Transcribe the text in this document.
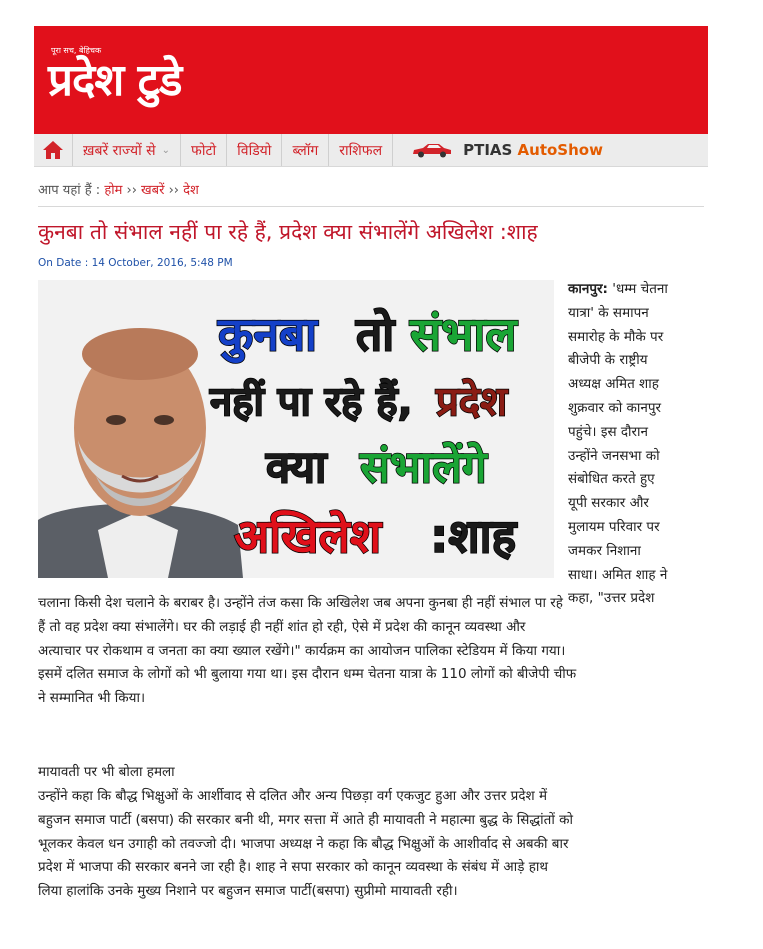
पूरा सच, बेहिचक
प्रदेश टुडे
ख़बरें राज्यों से ⌄ फोटो विडियो ब्लॉग राशिफल	PTIAS AutoShow
आप यहां हैं : होम ›› खबरें ›› देश
कुनबा तो संभाल नहीं पा रहे हैं, प्रदेश क्या संभालेंगे अखिलेश :शाह
On Date : 14 October, 2016, 5:48 PM
कुनबा तो संभाल
नहीं पा रहे हैं, प्रदेश
क्या संभालेंगे
अखिलेश :शाह

कानपुर: 'धम्म चेतना

यात्रा' के समापन

समारोह के मौके पर

बीजेपी के राष्ट्रीय

अध्यक्ष अमित शाह

शुक्रवार को कानपुर

पहुंचे। इस दौरान

उन्होंने जनसभा को

संबोधित करते हुए

यूपी सरकार और

मुलायम परिवार पर

जमकर निशाना

साधा। अमित शाह ने

कहा, "उत्तर प्रदेश

चलाना किसी देश चलाने के बराबर है। उन्होंने तंज कसा कि अखिलेश जब अपना कुनबा ही नहीं संभाल पा रहे

हैं तो वह प्रदेश क्या संभालेंगे। घर की लड़ाई ही नहीं शांत हो रही, ऐसे में प्रदेश की कानून व्यवस्था और

अत्याचार पर रोकथाम व जनता का क्या ख्याल रखेंगे।" कार्यक्रम का आयोजन पालिका स्टेडियम में किया गया।

इसमें दलित समाज के लोगों को भी बुलाया गया था। इस दौरान धम्म चेतना यात्रा के 110 लोगों को बीजेपी चीफ

ने सम्मानित भी किया।

मायावती पर भी बोला हमला

उन्होंने कहा कि बौद्ध भिक्षुओं के आर्शीवाद से दलित और अन्य पिछड़ा वर्ग एकजुट हुआ और उत्तर प्रदेश में

बहुजन समाज पार्टी (बसपा) की सरकार बनी थी, मगर सत्ता में आते ही मायावती ने महात्मा बुद्ध के सिद्धांतों को

भूलकर केवल धन उगाही को तवज्जो दी। भाजपा अध्यक्ष ने कहा कि बौद्ध भिक्षुओं के आशीर्वाद से अबकी बार

प्रदेश में भाजपा की सरकार बनने जा रही है। शाह ने सपा सरकार को कानून व्यवस्था के संबंध में आड़े हाथ

लिया हालांकि उनके मुख्य निशाने पर बहुजन समाज पार्टी(बसपा) सुप्रीमो मायावती रही।
